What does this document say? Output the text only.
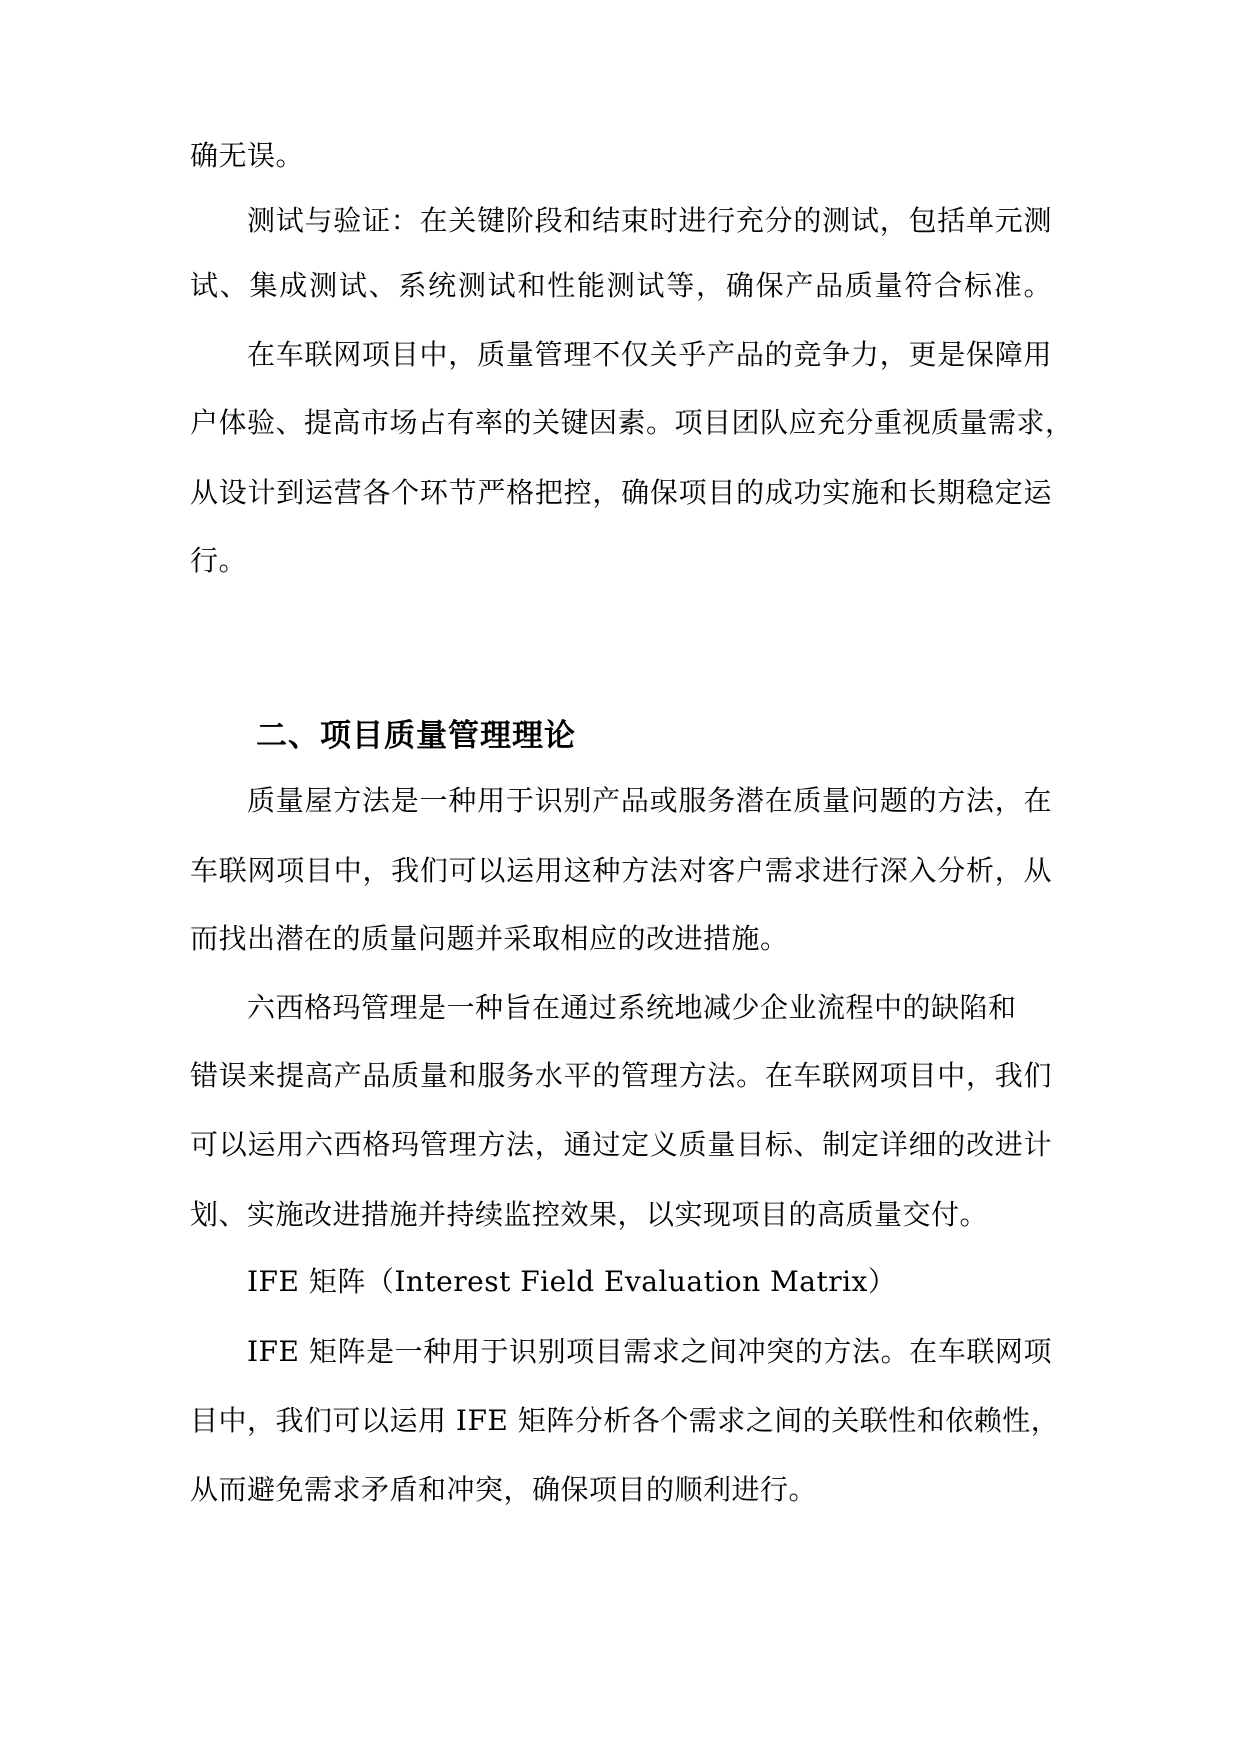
确无误。
测试与验证：在关键阶段和结束时进行充分的测试，包括单元测
试、集成测试、系统测试和性能测试等，确保产品质量符合标准。
在车联网项目中，质量管理不仅关乎产品的竞争力，更是保障用
户体验、提高市场占有率的关键因素。项目团队应充分重视质量需求，
从设计到运营各个环节严格把控，确保项目的成功实施和长期稳定运
行。
二、项目质量管理理论
质量屋方法是一种用于识别产品或服务潜在质量问题的方法，在
车联网项目中，我们可以运用这种方法对客户需求进行深入分析，从
而找出潜在的质量问题并采取相应的改进措施。
六西格玛管理是一种旨在通过系统地减少企业流程中的缺陷和
错误来提高产品质量和服务水平的管理方法。在车联网项目中，我们
可以运用六西格玛管理方法，通过定义质量目标、制定详细的改进计
划、实施改进措施并持续监控效果，以实现项目的高质量交付。
IFE 矩阵（Interest Field Evaluation Matrix）
IFE 矩阵是一种用于识别项目需求之间冲突的方法。在车联网项
目中，我们可以运用 IFE 矩阵分析各个需求之间的关联性和依赖性，
从而避免需求矛盾和冲突，确保项目的顺利进行。
